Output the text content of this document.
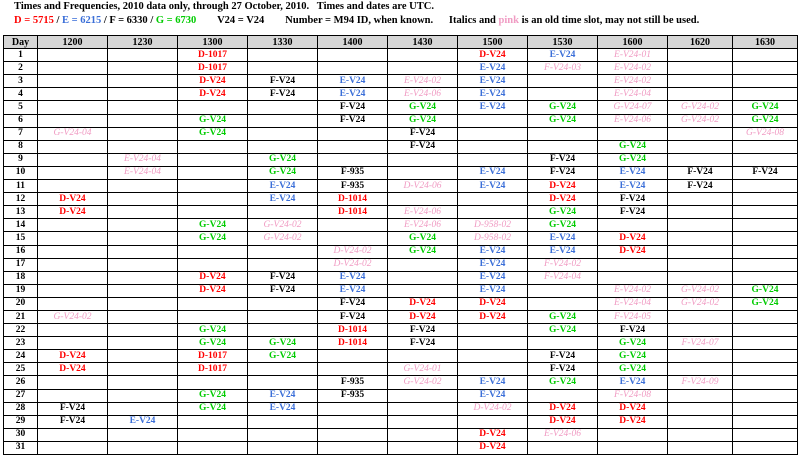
Times and Frequencies, 2010 data only, through 27 October, 2010.   Times and dates are UTC.
D = 5715 / E = 6215 / F = 6330 / G = 6730 V24 = V24 Number = M94 ID, when known. Italics and pink is an old time slot, may not still be used.
Day	1200	1230	1300	1330	1400	1430	1500	1530	1600	1620	1630
1			D-1017				D-V24	E-V24	E-V24-01		
2			D-1017				E-V24	F-V24-03	E-V24-02		
3			D-V24	F-V24	E-V24	E-V24-02	E-V24		E-V24-02		
4			D-V24	F-V24	E-V24	E-V24-06	E-V24		E-V24-04		
5					F-V24	G-V24	E-V24	G-V24	G-V24-07	G-V24-02	G-V24
6			G-V24		F-V24	G-V24		G-V24	E-V24-06	G-V24-02	G-V24
7	G-V24-04		G-V24			F-V24					G-V24-08
8						F-V24			G-V24		
9		E-V24-04		G-V24				F-V24	G-V24		
10		E-V24-04		G-V24	F-935		E-V24	F-V24	E-V24	F-V24	F-V24
11				E-V24	F-935	D-V24-06	E-V24	D-V24	E-V24	F-V24	
12	D-V24			E-V24	D-1014			D-V24	F-V24		
13	D-V24				D-1014	E-V24-06		G-V24	F-V24		
14			G-V24	G-V24-02		E-V24-06	D-958-02	G-V24			
15			G-V24	G-V24-02		G-V24	D-958-02	E-V24	D-V24		
16					D-V24-02	G-V24	E-V24	E-V24	D-V24		
17					D-V24-02		E-V24	F-V24-02			
18			D-V24	F-V24	E-V24		E-V24	F-V24-04			
19			D-V24	F-V24	E-V24		E-V24		E-V24-02	G-V24-02	G-V24
20					F-V24	D-V24	D-V24		E-V24-04	G-V24-02	G-V24
21	G-V24-02				F-V24	D-V24	D-V24	G-V24	F-V24-05		
22			G-V24		D-1014	F-V24		G-V24	F-V24		
23			G-V24	G-V24	D-1014	F-V24			G-V24	F-V24-07	
24	D-V24		D-1017	G-V24				F-V24	G-V24		
25	D-V24		D-1017			G-V24-01		F-V24	G-V24		
26					F-935	G-V24-02	E-V24	G-V24	E-V24	F-V24-09	
27			G-V24	E-V24	F-935		E-V24		F-V24-08		
28	F-V24		G-V24	E-V24			D-V24-02	D-V24	D-V24		
29	F-V24	E-V24						D-V24	D-V24		
30							D-V24	E-V24-06			
31							D-V24				
